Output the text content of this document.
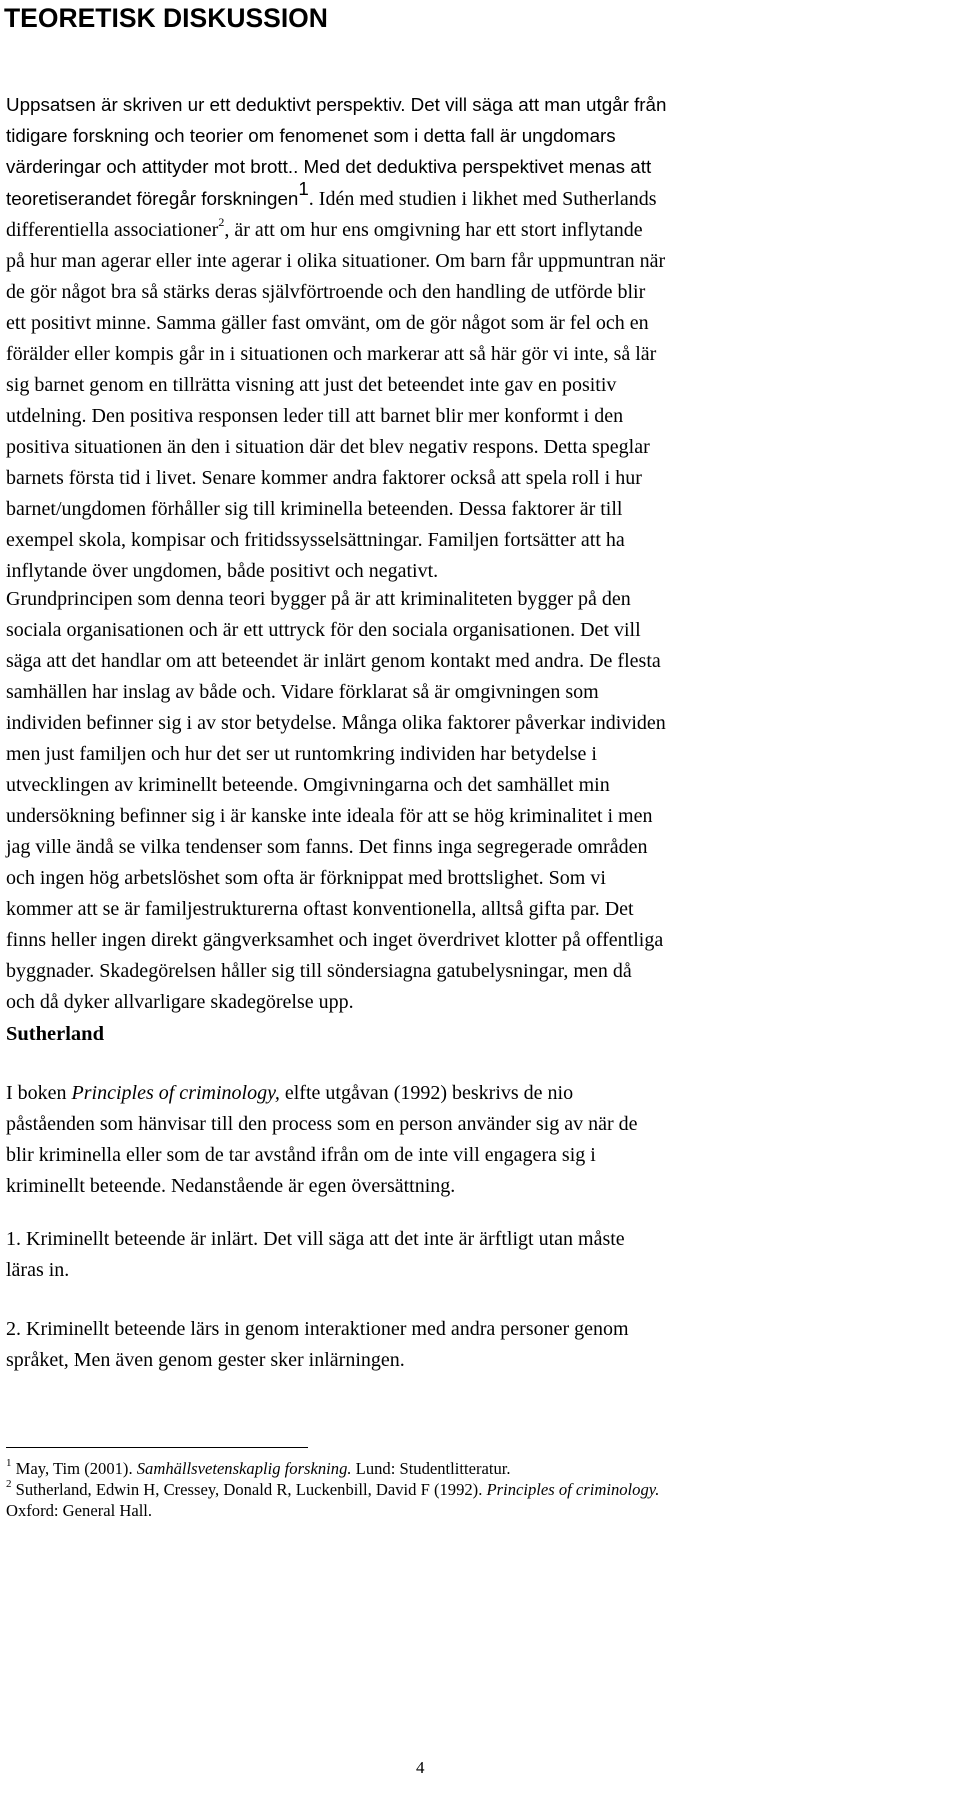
TEORETISK DISKUSSION
Uppsatsen är skriven ur ett deduktivt perspektiv. Det vill säga att man utgår från
tidigare forskning och teorier om fenomenet som i detta fall är ungdomars
värderingar och attityder mot brott.. Med det deduktiva perspektivet menas att
teoretiserandet föregår forskningen$^1$. Idén med studien i likhet med Sutherlands
differentiella associationer$^2$, är att om hur ens omgivning har ett stort inflytande
på hur man agerar eller inte agerar i olika situationer. Om barn får uppmuntran när
de gör något bra så stärks deras självförtroende och den handling de utförde blir
ett positivt minne. Samma gäller fast omvänt, om de gör något som är fel och en
förälder eller kompis går in i situationen och markerar att så här gör vi inte, så lär
sig barnet genom en tillrätta visning att just det beteendet inte gav en positiv
utdelning. Den positiva responsen leder till att barnet blir mer konformt i den
positiva situationen än den i situation där det blev negativ respons. Detta speglar
barnets första tid i livet. Senare kommer andra faktorer också att spela roll i hur
barnet/ungdomen förhåller sig till kriminella beteenden. Dessa faktorer är till
exempel skola, kompisar och fritidssysselsättningar. Familjen fortsätter att ha
inflytande över ungdomen, både positivt och negativt.
Grundprincipen som denna teori bygger på är att kriminaliteten bygger på den
sociala organisationen och är ett uttryck för den sociala organisationen. Det vill
säga att det handlar om att beteendet är inlärt genom kontakt med andra. De flesta
samhällen har inslag av både och. Vidare förklarat så är omgivningen som
individen befinner sig i av stor betydelse. Många olika faktorer påverkar individen
men just familjen och hur det ser ut runtomkring individen har betydelse i
utvecklingen av kriminellt beteende. Omgivningarna och det samhället min
undersökning befinner sig i är kanske inte ideala för att se hög kriminalitet i men
jag ville ändå se vilka tendenser som fanns. Det finns inga segregerade områden
och ingen hög arbetslöshet som ofta är förknippat med brottslighet. Som vi
kommer att se är familjestrukturerna oftast konventionella, alltså gifta par. Det
finns heller ingen direkt gängverksamhet och inget överdrivet klotter på offentliga
byggnader. Skadegörelsen håller sig till söndersiagna gatubelysningar, men då
och då dyker allvarligare skadegörelse upp.
Sutherland
I boken Principles of criminology, elfte utgåvan (1992) beskrivs de nio
påståenden som hänvisar till den process som en person använder sig av när de
blir kriminella eller som de tar avstånd ifrån om de inte vill engagera sig i
kriminellt beteende. Nedanstående är egen översättning.
1. Kriminellt beteende är inlärt. Det vill säga att det inte är ärftligt utan måste
läras in.
2. Kriminellt beteende lärs in genom interaktioner med andra personer genom
språket, Men även genom gester sker inlärningen.
$^1$ May, Tim (2001). Samhällsvetenskaplig forskning. Lund: Studentlitteratur.
$^2$ Sutherland, Edwin H, Cressey, Donald R, Luckenbill, David F (1992). Principles of criminology.
Oxford: General Hall.
4
